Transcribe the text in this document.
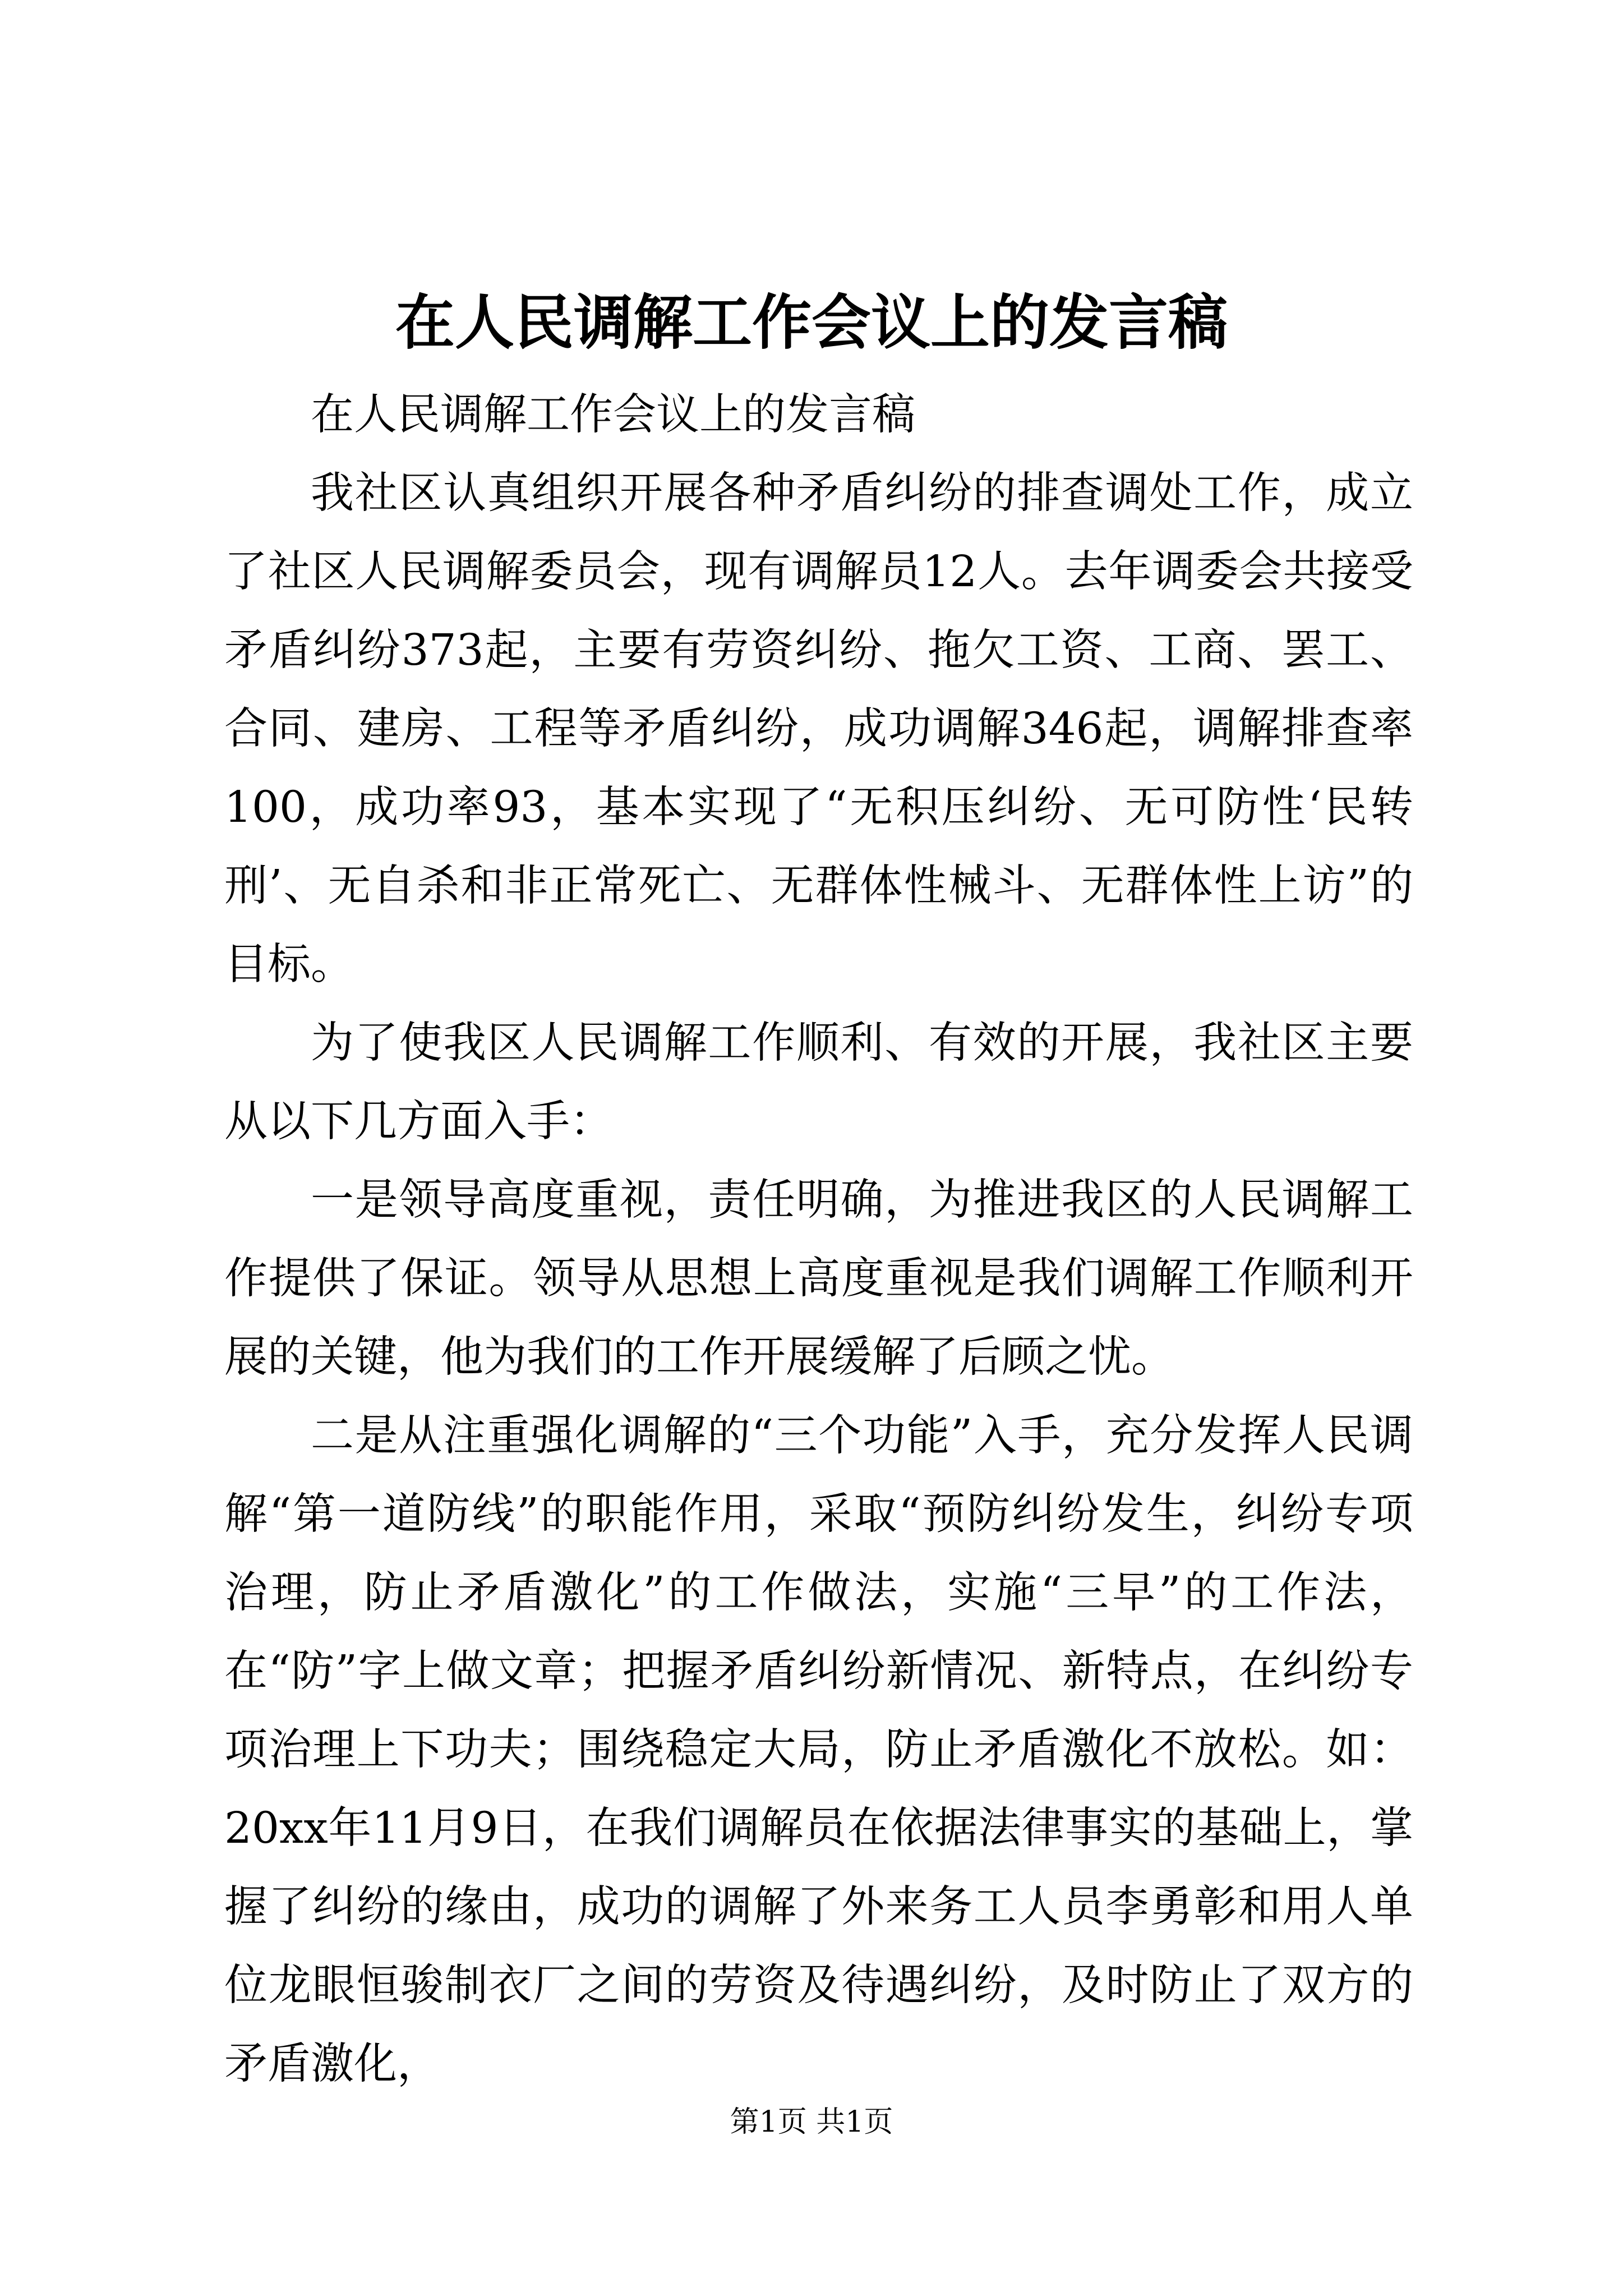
在人民调解工作会议上的发言稿

在人民调解工作会议上的发言稿

我社区认真组织开展各种矛盾纠纷的排查调处工作，成立了社区人民调解委员会，现有调解员12人。去年调委会共接受矛盾纠纷373起，主要有劳资纠纷、拖欠工资、工商、罢工、合同、建房、工程等矛盾纠纷，成功调解346起，调解排查率100，成功率93，基本实现了“无积压纠纷、无可防性‘民转刑’、无自杀和非正常死亡、无群体性械斗、无群体性上访”的目标。

为了使我区人民调解工作顺利、有效的开展，我社区主要从以下几方面入手：

一是领导高度重视，责任明确，为推进我区的人民调解工作提供了保证。领导从思想上高度重视是我们调解工作顺利开展的关键，他为我们的工作开展缓解了后顾之忧。

二是从注重强化调解的“三个功能”入手，充分发挥人民调解“第一道防线”的职能作用，采取“预防纠纷发生，纠纷专项治理，防止矛盾激化”的工作做法，实施“三早”的工作法，在“防”字上做文章；把握矛盾纠纷新情况、新特点，在纠纷专项治理上下功夫；围绕稳定大局，防止矛盾激化不放松。如：20xx年11月9日，在我们调解员在依据法律事实的基础上，掌握了纠纷的缘由，成功的调解了外来务工人员李勇彰和用人单位龙眼恒骏制衣厂之间的劳资及待遇纠纷，及时防止了双方的矛盾激化，

第1页 共1页
